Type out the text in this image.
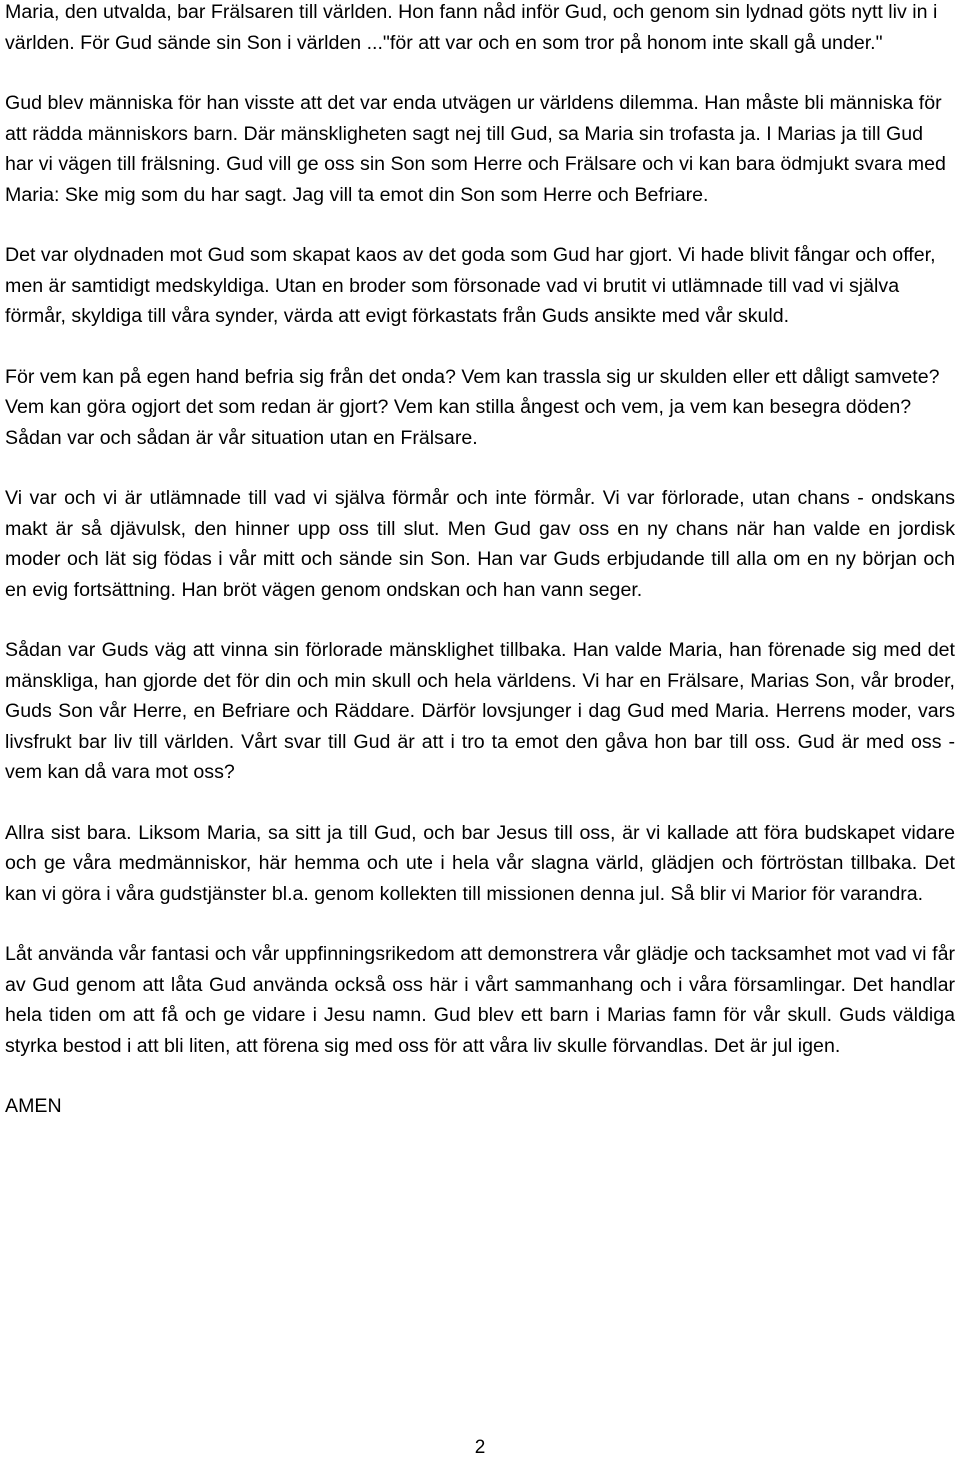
Maria, den utvalda, bar Frälsaren till världen. Hon fann nåd inför Gud, och genom sin lydnad göts nytt liv in i världen. För Gud sände sin Son i världen ..."för att var och en som tror på honom inte skall gå under."

Gud blev människa för han visste att det var enda utvägen ur världens dilemma. Han måste bli människa för att rädda människors barn. Där mänskligheten sagt nej till Gud, sa Maria sin trofasta ja. I Marias ja till Gud har vi vägen till frälsning. Gud vill ge oss sin Son som Herre och Frälsare och vi kan bara ödmjukt svara med Maria: Ske mig som du har sagt. Jag vill ta emot din Son som Herre och Befriare.

Det var olydnaden mot Gud som skapat kaos av det goda som Gud har gjort. Vi hade blivit fångar och offer, men är samtidigt medskyldiga. Utan en broder som försonade vad vi brutit vi utlämnade till vad vi själva förmår, skyldiga till våra synder, värda att evigt förkastats från Guds ansikte med vår skuld.

För vem kan på egen hand befria sig från det onda? Vem kan trassla sig ur skulden eller ett dåligt samvete? Vem kan göra ogjort det som redan är gjort? Vem kan stilla ångest och vem, ja vem kan besegra döden? Sådan var och sådan är vår situation utan en Frälsare.

Vi var och vi är utlämnade till vad vi själva förmår och inte förmår. Vi var förlorade, utan chans - ondskans makt är så djävulsk, den hinner upp oss till slut. Men Gud gav oss en ny chans när han valde en jordisk moder och lät sig födas i vår mitt och sände sin Son. Han var Guds erbjudande till alla om en ny början och en evig fortsättning. Han bröt vägen genom ondskan och han vann seger.

Sådan var Guds väg att vinna sin förlorade mänsklighet tillbaka. Han valde Maria, han förenade sig med det mänskliga, han gjorde det för din och min skull och hela världens. Vi har en Frälsare, Marias Son, vår broder, Guds Son vår Herre, en Befriare och Räddare. Därför lovsjunger i dag Gud med Maria. Herrens moder, vars livsfrukt bar liv till världen. Vårt svar till Gud är att i tro ta emot den gåva hon bar till oss. Gud är med oss - vem kan då vara mot oss?

Allra sist bara. Liksom Maria, sa sitt ja till Gud, och bar Jesus till oss, är vi kallade att föra budskapet vidare och ge våra medmänniskor, här hemma och ute i hela vår slagna värld, glädjen och förtröstan tillbaka. Det kan vi göra i våra gudstjänster bl.a. genom kollekten till missionen denna jul. Så blir vi Marior för varandra.

Låt använda vår fantasi och vår uppfinningsrikedom att demonstrera vår glädje och tacksamhet mot vad vi får av Gud genom att låta Gud använda också oss här i vårt sammanhang och i våra församlingar. Det handlar hela tiden om att få och ge vidare i Jesu namn. Gud blev ett barn i Marias famn för vår skull. Guds väldiga styrka bestod i att bli liten, att förena sig med oss för att våra liv skulle förvandlas. Det är jul igen.

AMEN

2
